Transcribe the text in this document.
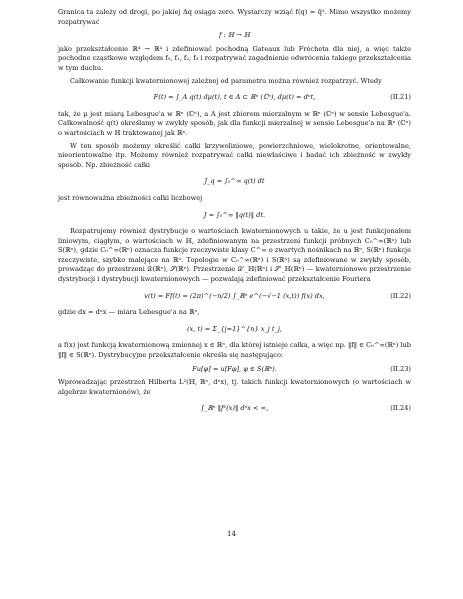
Granica ta zależy od drogi, po jakiej Δq osiąga zero. Wystarczy wziąć f(q) = q̄². Mimo wszystko możemy rozpatrywać

f : ℍ → ℍ

jako przekształcenie ℝ⁴ → ℝ⁴ i zdefiniować pochodną Gateaux lub Frécheta dla niej, a więc także pochodne cząstkowe względem f₀, f₁, f₂, f₃ i rozpatrywać zagadnienie odwrócenia takiego przekształcenia w tym duchu.

Całkowanie funkcji kwaternionowej zależnej od parametru można również rozpatrzyć. Wtedy

F(t) = ∫_A q(t) dμ(t), t ∈ A ⊂ ℝⁿ (ℂⁿ), dμ(t) = dⁿt,	(II.21)

tak, że μ jest miarą Lebesgue'a w ℝⁿ (ℂⁿ), a A jest zbiorem mierzalnym w ℝⁿ (ℂⁿ) w sensie Lebesgue'a. Całkowalność q(t) określamy w zwykły sposób, jak dla funkcji mierzalnej w sensie Lebesgue'a na ℝⁿ (ℂⁿ) o wartościach w ℍ traktowanej jak ℝ⁴.

W ten sposób możemy określić całki krzywoliniowe, powierzchniowe, wielokrotne, orientowalne, nieorientowalne itp. Możemy również rozpatrywać całki niewłaściwe i badać ich zbieżność w zwykły sposób. Np. zbieżność całki

J_q = ∫₀^∞ q(t) dt

jest równoważna zbieżności całki liczbowej

J = ∫₀^∞ ‖q(t)‖ dt.

Rozpatrujemy również dystrybucje o wartościach kwaternionowych u takie, że u jest funkcjonałem liniowym, ciągłym, o wartościach w ℍ, zdefiniowanym na przestrzeni funkcji próbnych C₀^∞(ℝⁿ) lub S(ℝⁿ), gdzie C₀^∞(ℝⁿ) oznacza funkcje rzeczywiste klasy C^∞ o zwartych nośnikach na ℝⁿ, S(ℝⁿ) funkcje rzeczywiste, szybko malejące na ℝⁿ. Topologie w C₀^∞(ℝⁿ) i S(ℝⁿ) są zdefiniowane w zwykły sposób, prowadząc do przestrzeni 𝒟(ℝⁿ), 𝒮(ℝⁿ). Przestrzenie 𝒟'_ℍ(ℝⁿ) i 𝒮'_ℍ(ℝⁿ) — kwaternionowe przestrzenie dystrybucji i dystrybucji kwaternionowych — pozwalają zdefiniować przekształcenie Fouriera

v(t) = Ff(t) = (2π)^(−n/2) ∫_ℝⁿ e^(−√−1 (x,t)) f(x) dx,	(II.22)

gdzie dx = dⁿx — miara Lebesgue'a na ℝⁿ,

(x, t) = Σ_{j=1}^{n} x_j t_j,

a f(x) jest funkcją kwaternionową zmiennej x ∈ ℝⁿ, dla której istnieje całka, a więc np. ‖f‖ ∈ C₀^∞(ℝⁿ) lub ‖f‖ ∈ S(ℝⁿ). Dystrybucyjne przekształcenie określa się następująco:

Fu[φ] = u[Fφ], φ ∈ S(ℝⁿ).	(II.23)

Wprowadzając przestrzeń Hilberta L²(ℍ, ℝⁿ, dⁿx), tj. takich funkcji kwaternionowych (o wartościach w algebrze kwaternionów), że

∫_ℝⁿ ‖f²(x)‖ dⁿx < ∞,	(II.24)
14
